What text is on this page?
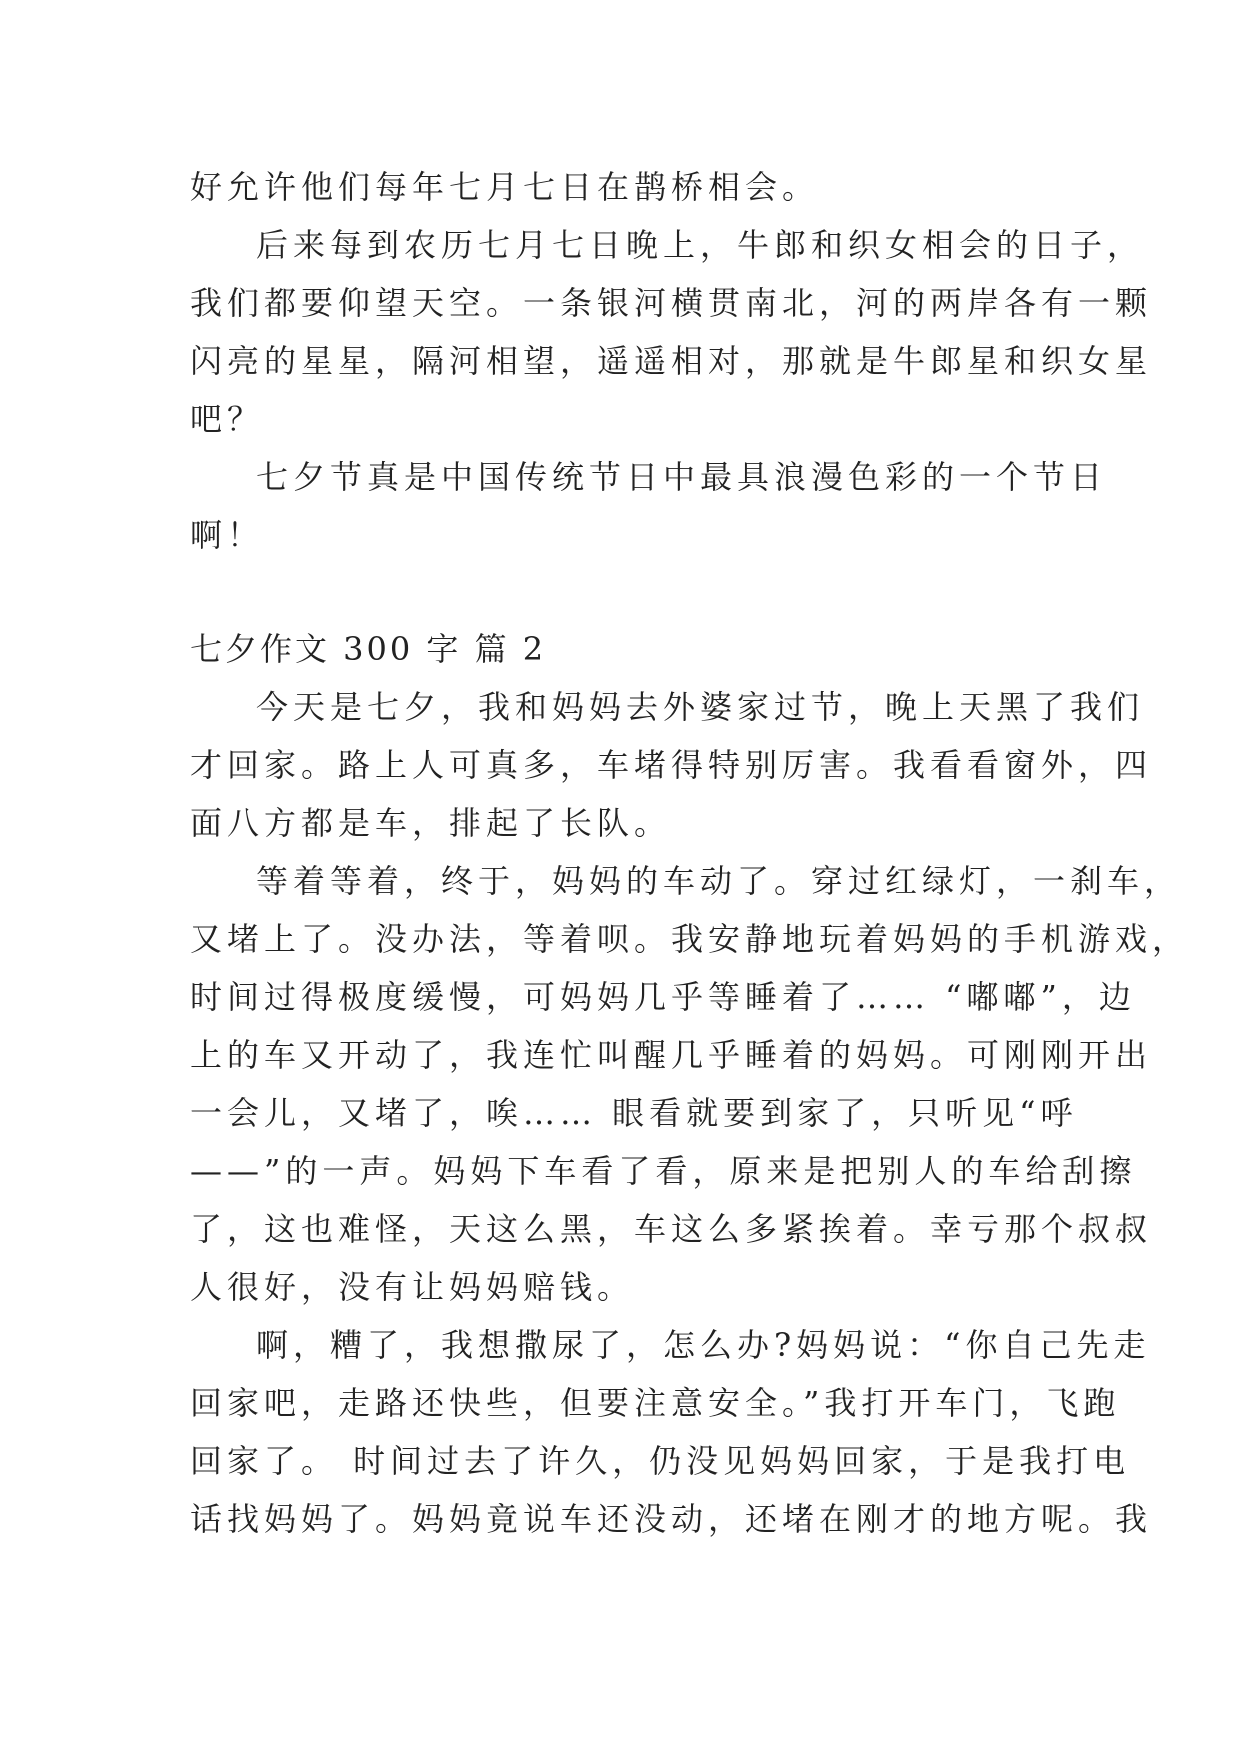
好允许他们每年七月七日在鹊桥相会。

后来每到农历七月七日晚上，牛郎和织女相会的日子，

我们都要仰望天空。一条银河横贯南北，河的两岸各有一颗

闪亮的星星，隔河相望，遥遥相对，那就是牛郎星和织女星

吧？

七夕节真是中国传统节日中最具浪漫色彩的一个节日

啊！

七夕作文 300 字 篇 2

今天是七夕，我和妈妈去外婆家过节，晚上天黑了我们

才回家。路上人可真多，车堵得特别厉害。我看看窗外，四

面八方都是车，排起了长队。

等着等着，终于，妈妈的车动了。穿过红绿灯，一刹车，

又堵上了。没办法，等着呗。我安静地玩着妈妈的手机游戏，

时间过得极度缓慢，可妈妈几乎等睡着了…… “嘟嘟”，边

上的车又开动了，我连忙叫醒几乎睡着的妈妈。可刚刚开出

一会儿，又堵了，唉…… 眼看就要到家了，只听见“呼

——”的一声。妈妈下车看了看，原来是把别人的车给刮擦

了，这也难怪，天这么黑，车这么多紧挨着。幸亏那个叔叔

人很好，没有让妈妈赔钱。

啊，糟了，我想撒尿了，怎么办?妈妈说：“你自己先走

回家吧，走路还快些，但要注意安全。”我打开车门，飞跑

回家了。 时间过去了许久，仍没见妈妈回家，于是我打电

话找妈妈了。妈妈竟说车还没动，还堵在刚才的地方呢。我
